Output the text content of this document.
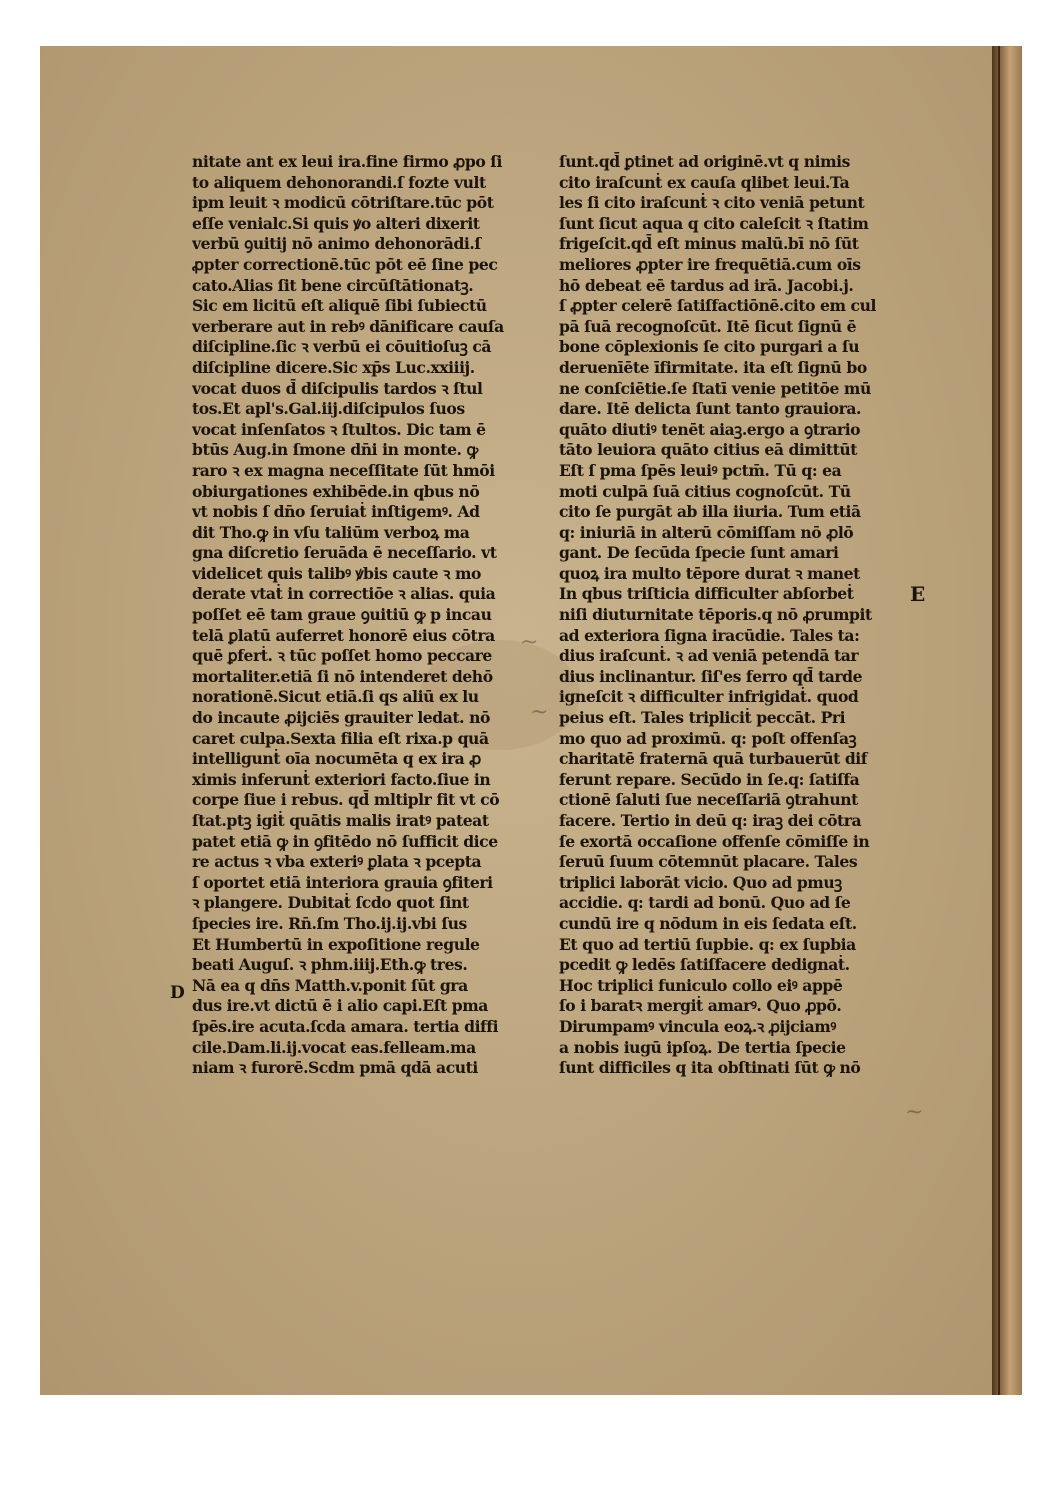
~
~
~
nitate ant ex leui ira.fine firmo ꝓpo ſi
to aliquem dehonorandi.ſ fozte vult
ipm leuit ꝛ modicū cōtriſtare.tūc pōt
eſſe venialc.Si quis ꝟo alteri dixerit
verbū ꝯuitij nō animo dehonorādi.ſ
ꝓpter correctionē.tūc pōt eē ſine pec
cato.Alias ſit bene circūſtātionatꝫ.
Sic em licitū eſt aliquē ſibi ſubiectū
verberare aut in rebꝰ dānificare cauſa
diſcipline.ſic ꝛ verbū ei cōuitioſuꝫ cā
diſcipline dicere.Sic xp̄s Luc.xxiiij.
vocat duos d̄ diſcipulis tardos ꝛ ſtul
tos.Et apl's.Gal.iij.diſcipulos ſuos
vocat inſenſatos ꝛ ſtultos. Dic tam ē
btūs Aug.in ſmone dn̄i in monte. ꝙ
raro ꝛ ex magna neceſſitate ſūt hmōi
obiurgationes exhibēde.in qbus nō
vt nobis ſ dn̄o ſeruiaṫ inſtigemꝰ. Ad
dit Tho.ꝙ in vſu taliūm verboꝝ ma
gna diſcretio ſeruāda ē neceſſario. vt
videlicet quis talibꝰ ꝟbis caute ꝛ mo
derate vtaṫ in correctiōe ꝛ alias. quia
poſſet eē tam graue ꝯuitiū ꝙ p incau
telā ꝑlatū auferret honorē eius cōtra
quē ꝑferṫ. ꝛ tūc poſſet homo peccare
mortaliter.etiā ſi nō intenderet dehō
norationē.Sicut etiā.ſi qs aliū ex lu
do incaute ꝓijciēs grauiter ledat. nō
caret culpa.Sexta filia eſt rixa.p quā
intelligunṫ oīa nocumēta q ex ira ꝓ
ximis inferunṫ exteriori facto.ſiue in
corpe ſiue i rebus. qd̄ mltiplr fit vt cō
ſtat.ptꝫ igiṫ quātis malis iratꝰ pateat
patet etiā ꝙ in ꝯfitēdo nō ſufficit dice
re actus ꝛ vba exteriꝰ ꝑlata ꝛ pcepta
ſ oportet etiā interiora grauia ꝯfiteri
ꝛ plangere. Dubitaṫ ſcdo quot ſint
ſpecies ire. Rn̄.ſm Tho.ij.ij.vbi ſus
Et Humbertū in expoſitione regule
beati Auguſ. ꝛ phm.iiij.Eth.ꝙ tres.
Nā ea q dn̄s Matth.v.ponit ſūt gra
dus ire.vt dictū ē i alio capi.Eſt pma
ſpēs.ire acuta.ſcda amara. tertia diffi
cile.Dam.li.ij.vocat eas.felleam.ma
niam ꝛ furorē.Scdm pmā qdā acuti
ſunt.qd̄ ꝑtinet ad originē.vt q nimis
cito iraſcunṫ ex cauſa qlibet leui.Ta
les ſi cito iraſcunṫ ꝛ cito veniā petunt
ſunt ſicut aqua q cito caleſcit ꝛ ſtatim
frigeſcit.qd̄ eſt minus malū.bī nō ſūt
meliores ꝓpter ire frequētiā.cum oīs
hō debeat eē tardus ad irā. Jacobi.j.
ſ ꝓpter celerē ſatiſfactiōnē.cito em cul
pā ſuā recognoſcūt. Itē ſicut ſignū ē
bone cōplexionis ſe cito purgari a ſu
deruenīēte īfirmitate. ita eſt ſignū bo
ne conſciētie.ſe ſtatī venie petitōe mū
dare. Itē delicta ſunt tanto grauiora.
quāto diutiꝰ tenēt aiaꝫ.ergo a ꝯtrario
tāto leuiora quāto citius eā dimittūt
Eſt ſ pma ſpēs leuiꝰ pctm̄. Tū q: ea
moti culpā ſuā citius cognoſcūt. Tū
cito ſe purgāt ab illa iiuria. Tum etiā
q: iniuriā in alterū cōmiſſam nō ꝓlō
gant. De ſecūda ſpecie ſunt amari
quoꝝ ira multo tēpore durat ꝛ manet
In qbus triſticia difficulter abſorbeṫ
niſi diuturnitate tēporis.q nō ꝓrumpit
ad exteriora ſigna iracūdie. Tales ta:
dius iraſcunṫ. ꝛ ad veniā petendā tar
dius inclinantur. ſiſ'es ferro qd̄ tarde
igneſcit ꝛ difficulter infrigidaṫ. quod
peius eſt. Tales tripliciṫ peccāt. Pri
mo quo ad proximū. q: poſt offenſaꝫ
charitatē fraternā quā turbauerūt dif
ferunt repare. Secūdo in ſe.q: ſatiſfa
ctionē ſaluti ſue neceſſariā ꝯtrahunt
facere. Tertio in deū q: iraꝫ dei cōtra
ſe exortā occaſione offenſe cōmiſſe in
ſeruū ſuum cōtemnūt placare. Tales
triplici laborāt vicio. Quo ad pmuꝫ
accidie. q: tardi ad bonū. Quo ad ſe
cundū ire q nōdum in eis ſedata eſt.
Et quo ad tertiū ſupbie. q: ex ſupbia
pcedit ꝙ ledēs ſatiſfacere dedignaṫ.
Hoc triplici funiculo collo eiꝰ appē
ſo i baratꝛ mergiṫ amarꝰ. Quo ꝓpō.
Dirumpamꝰ vincula eoꝝ.ꝛ ꝓijciamꝰ
a nobis iugū ipſoꝝ. De tertia ſpecie
ſunt difficiles q ita obſtinati ſūt ꝙ nō
D
E
